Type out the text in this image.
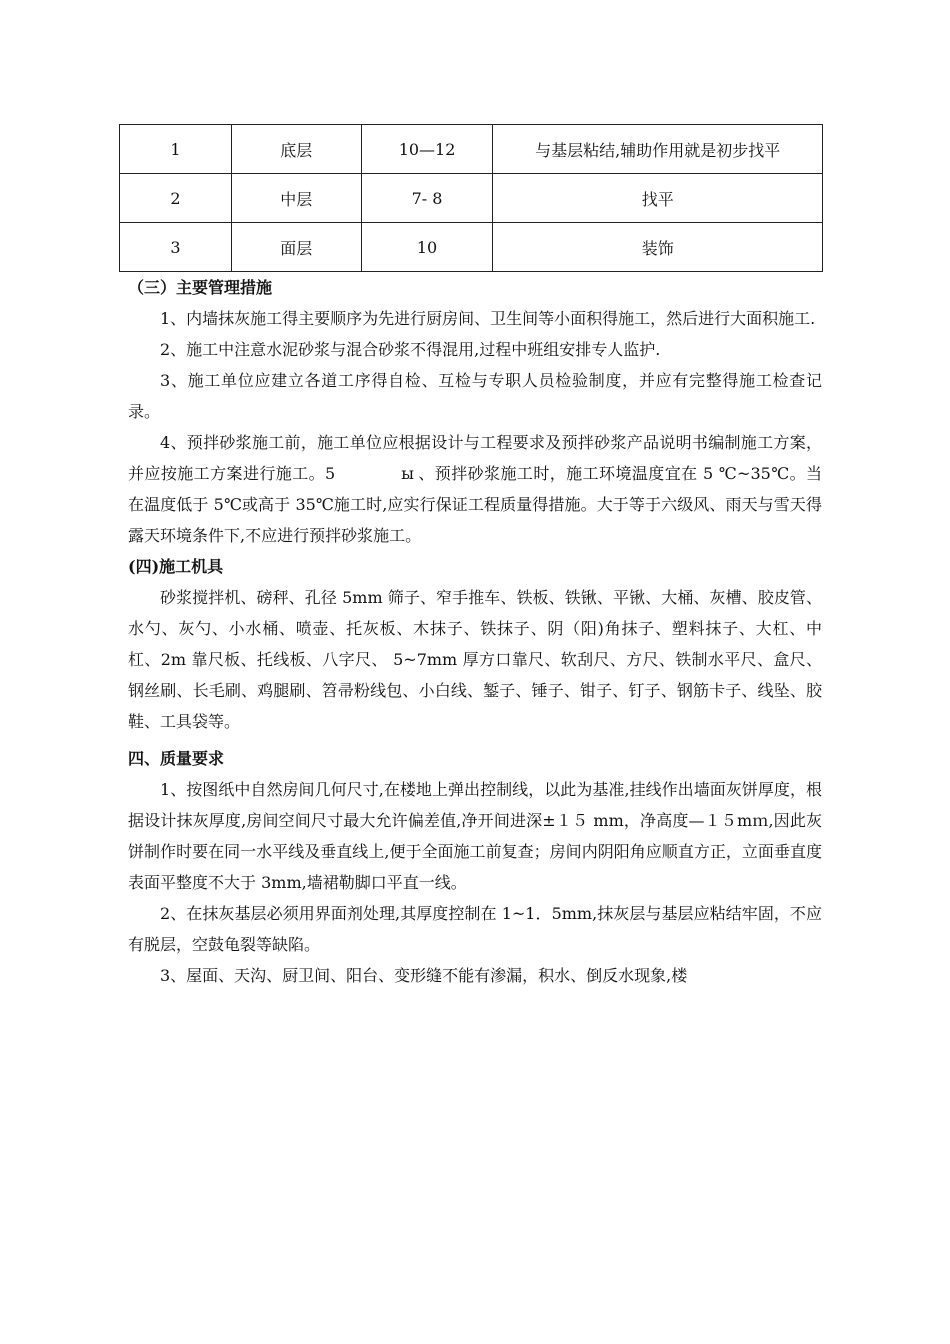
1	底层	10—12	与基层粘结,辅助作用就是初步找平
2	中层	7- 8	找平
3	面层	10	装饰

（三）主要管理措施

1、内墙抹灰施工得主要顺序为先进行厨房间、卫生间等小面积得施工，然后进行大面积施工.

2、施工中注意水泥砂浆与混合砂浆不得混用,过程中班组安排专人监护.

3、施工单位应建立各道工序得自检、互检与专职人员检验制度，并应有完整得施工检查记录。

4、预拌砂浆施工前，施工单位应根据设计与工程要求及预拌砂浆产品说明书编制施工方案，并应按施工方案进行施工。5	ы 、预拌砂浆施工时，施工环境温度宜在 5 ℃~35℃。当在温度低于 5℃或高于 35℃施工时,应实行保证工程质量得措施。大于等于六级风、雨天与雪天得露天环境条件下,不应进行预拌砂浆施工。

(四)施工机具

砂浆搅拌机、磅秤、孔径 5mm 筛子、窄手推车、铁板、铁锹、平锹、大桶、灰槽、胶皮管、水勺、灰勺、小水桶、喷壶、托灰板、木抹子、铁抹子、阴（阳)角抹子、塑料抹子、大杠、中杠、2m 靠尺板、托线板、八字尺、 5~7mm 厚方口靠尺、软刮尺、方尺、铁制水平尺、盒尺、钢丝刷、长毛刷、鸡腿刷、笤帚粉线包、小白线、錾子、锤子、钳子、钉子、钢筋卡子、线坠、胶鞋、工具袋等。

四、质量要求

1、按图纸中自然房间几何尺寸,在楼地上弹出控制线，以此为基准,挂线作出墙面灰饼厚度，根据设计抹灰厚度,房间空间尺寸最大允许偏差值,净开间进深±１５ mm，净高度—１５mｍ,因此灰饼制作时要在同一水平线及垂直线上,便于全面施工前复查；房间内阴阳角应顺直方正，立面垂直度表面平整度不大于 3mm,墙裙勒脚口平直一线。

2、在抹灰基层必须用界面剂处理,其厚度控制在 1~1．5mm,抹灰层与基层应粘结牢固，不应有脱层，空鼓龟裂等缺陷。

3、屋面、天沟、厨卫间、阳台、变形缝不能有渗漏，积水、倒反水现象,楼
